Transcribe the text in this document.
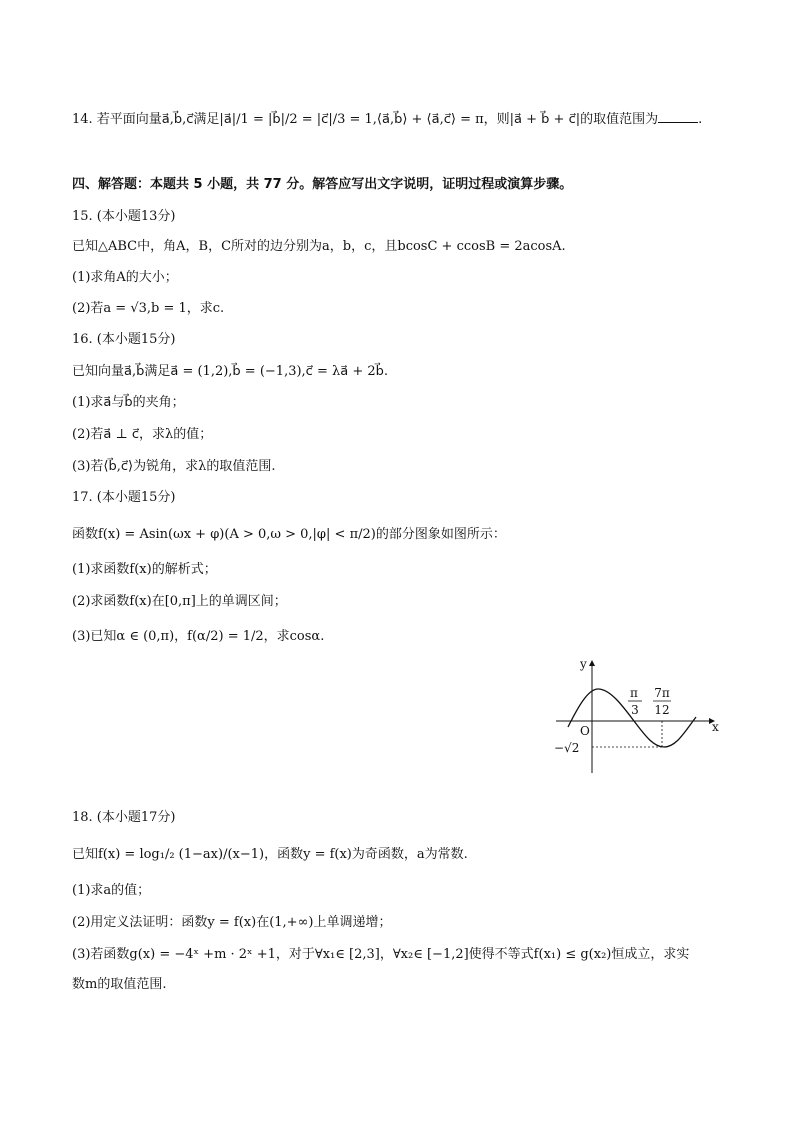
14. 若平面向量a⃗,b⃗,c⃗满足|a⃗|/1 = |b⃗|/2 = |c⃗|/3 = 1,⟨a⃗,b⃗⟩ + ⟨a⃗,c⃗⟩ = π，则|a⃗ + b⃗ + c⃗|的取值范围为	.
四、解答题：本题共 5 小题，共 77 分。解答应写出文字说明，证明过程或演算步骤。
15. (本小题13分)
已知△ABC中，角A，B，C所对的边分别为a，b，c，且bcosC + ccosB = 2acosA.
(1)求角A的大小；
(2)若a = √3,b = 1，求c.
16. (本小题15分)
已知向量a⃗,b⃗满足a⃗ = (1,2),b⃗ = (−1,3),c⃗ = λa⃗ + 2b⃗.
(1)求a⃗与b⃗的夹角；
(2)若a⃗ ⊥ c⃗，求λ的值；
(3)若⟨b⃗,c⃗⟩为锐角，求λ的取值范围.
17. (本小题15分)
函数f(x) = Asin(ωx + φ)(A > 0,ω > 0,|φ| < π/2)的部分图象如图所示：
(1)求函数f(x)的解析式；
(2)求函数f(x)在[0,π]上的单调区间；
(3)已知α ∈ (0,π)，f(α/2) = 1/2，求cosα.
y
x
O
π
3
7π
12
−√2
18. (本小题17分)
已知f(x) = log₁/₂ (1−ax)/(x−1)，函数y = f(x)为奇函数，a为常数.
(1)求a的值；
(2)用定义法证明：函数y = f(x)在(1,+∞)上单调递增；
(3)若函数g(x) = −4ˣ +m · 2ˣ +1，对于∀x₁∈ [2,3]，∀x₂∈ [−1,2]使得不等式f(x₁) ≤ g(x₂)恒成立，求实
数m的取值范围.
